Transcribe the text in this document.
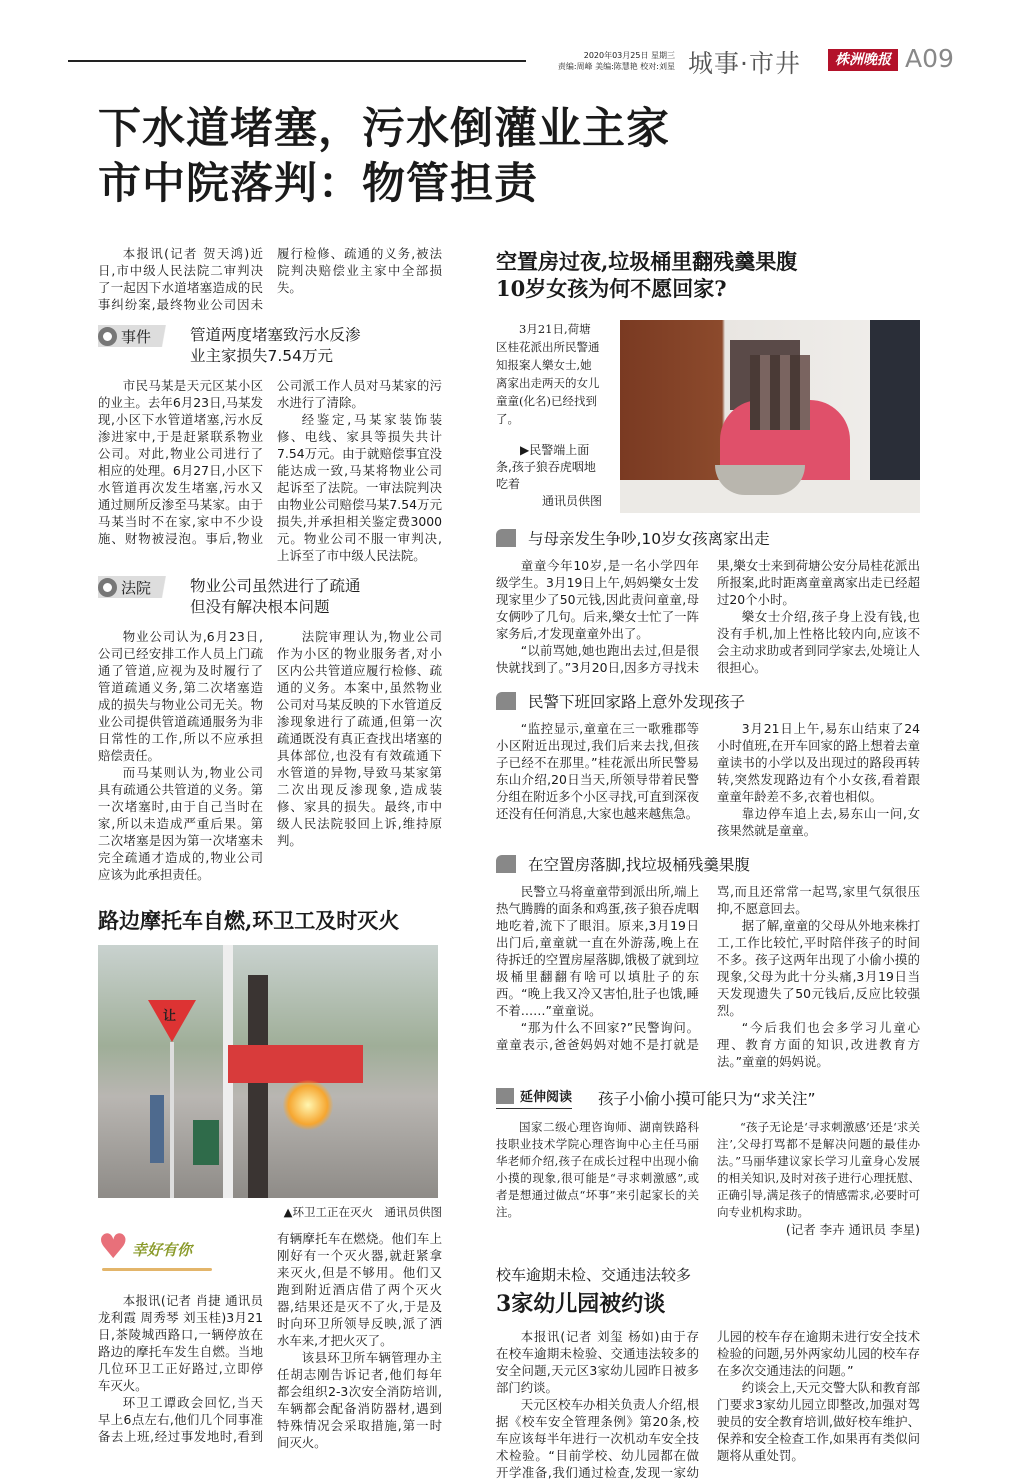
2020年03月25日 星期三
责编:周峰 美编:陈慧艳 校对:刘星 城事·市井	株洲晚报 A09
下水道堵塞，污水倒灌业主家
市中院落判：物管担责

本报讯(记者 贺天鸿)近日,市中级人民法院二审判决了一起因下水道堵塞造成的民事纠纷案,最终物业公司因未履行检修、疏通的义务,被法院判决赔偿业主家中全部损失。

事件	管道两度堵塞致污水反渗
业主家损失7.54万元

市民马某是天元区某小区的业主。去年6月23日,马某发现,小区下水管道堵塞,污水反渗进家中,于是赶紧联系物业公司。对此,物业公司进行了相应的处理。6月27日,小区下水管道再次发生堵塞,污水又通过厕所反渗至马某家。由于马某当时不在家,家中不少设施、财物被浸泡。事后,物业公司派工作人员对马某家的污水进行了清除。

经鉴定,马某家装饰装修、电线、家具等损失共计7.54万元。由于就赔偿事宜没能达成一致,马某将物业公司起诉至了法院。一审法院判决由物业公司赔偿马某7.54万元损失,并承担相关鉴定费3000元。物业公司不服一审判决,上诉至了市中级人民法院。

法院	物业公司虽然进行了疏通
但没有解决根本问题

物业公司认为,6月23日,公司已经安排工作人员上门疏通了管道,应视为及时履行了管道疏通义务,第二次堵塞造成的损失与物业公司无关。物业公司提供管道疏通服务为非日常性的工作,所以不应承担赔偿责任。

而马某则认为,物业公司具有疏通公共管道的义务。第一次堵塞时,由于自己当时在家,所以未造成严重后果。第二次堵塞是因为第一次堵塞未完全疏通才造成的,物业公司应该为此承担责任。

法院审理认为,物业公司作为小区的物业服务者,对小区内公共管道应履行检修、疏通的义务。本案中,虽然物业公司对马某反映的下水管道反渗现象进行了疏通,但第一次疏通既没有真正查找出堵塞的具体部位,也没有有效疏通下水管道的异物,导致马某家第二次出现反渗现象,造成装修、家具的损失。最终,市中级人民法院驳回上诉,维持原判。

路边摩托车自燃,环卫工及时灭火
让
▲环卫工正在灭火　通讯员供图
♥ 幸好有你

本报讯(记者 肖捷 通讯员 龙利霞 周秀琴 刘玉桂)3月21日,茶陵城西路口,一辆停放在路边的摩托车发生自燃。当地几位环卫工正好路过,立即停车灭火。

环卫工谭政会回忆,当天早上6点左右,他们几个同事准备去上班,经过事发地时,看到有辆摩托车在燃烧。他们车上刚好有一个灭火器,就赶紧拿来灭火,但是不够用。他们又跑到附近酒店借了两个灭火器,结果还是灭不了火,于是及时向环卫所领导反映,派了洒水车来,才把火灭了。

该县环卫所车辆管理办主任胡志刚告诉记者,他们每年都会组织2-3次安全消防培训,车辆都会配备消防器材,遇到特殊情况会采取措施,第一时间灭火。

空置房过夜,垃圾桶里翻残羹果腹
10岁女孩为何不愿回家?
3月21日,荷塘区桂花派出所民警通知报案人樂女士,她离家出走两天的女儿童童(化名)已经找到了。
▶民警端上面条,孩子狼吞虎咽地吃着
通讯员供图
与母亲发生争吵,10岁女孩离家出走

童童今年10岁,是一名小学四年级学生。3月19日上午,妈妈樂女士发现家里少了50元钱,因此责问童童,母女俩吵了几句。后来,樂女士忙了一阵家务后,才发现童童外出了。

“以前骂她,她也跑出去过,但是很快就找到了。”3月20日,因多方寻找未果,樂女士来到荷塘公安分局桂花派出所报案,此时距离童童离家出走已经超过20个小时。

樂女士介绍,孩子身上没有钱,也没有手机,加上性格比较内向,应该不会主动求助或者到同学家去,处境让人很担心。

民警下班回家路上意外发现孩子

“监控显示,童童在三一歌雅郡等小区附近出现过,我们后来去找,但孩子已经不在那里。”桂花派出所民警易东山介绍,20日当天,所领导带着民警分组在附近多个小区寻找,可直到深夜还没有任何消息,大家也越来越焦急。

3月21日上午,易东山结束了24小时值班,在开车回家的路上想着去童童读书的小学以及出现过的路段再转转,突然发现路边有个小女孩,看着跟童童年龄差不多,衣着也相似。

靠边停车追上去,易东山一问,女孩果然就是童童。

在空置房落脚,找垃圾桶残羹果腹

民警立马将童童带到派出所,端上热气腾腾的面条和鸡蛋,孩子狼吞虎咽地吃着,流下了眼泪。原来,3月19日出门后,童童就一直在外游荡,晚上在待拆迁的空置房屋落脚,饿极了就到垃圾桶里翻翻有啥可以填肚子的东西。“晚上我又冷又害怕,肚子也饿,睡不着……”童童说。

“那为什么不回家?”民警询问。童童表示,爸爸妈妈对她不是打就是骂,而且还常常一起骂,家里气氛很压抑,不愿意回去。

据了解,童童的父母从外地来株打工,工作比较忙,平时陪伴孩子的时间不多。孩子这两年出现了小偷小摸的现象,父母为此十分头痛,3月19日当天发现遗失了50元钱后,反应比较强烈。

“今后我们也会多学习儿童心理、教育方面的知识,改进教育方法。”童童的妈妈说。

延伸阅读 孩子小偷小摸可能只为“求关注”

国家二级心理咨询师、湖南铁路科技职业技术学院心理咨询中心主任马丽华老师介绍,孩子在成长过程中出现小偷小摸的现象,很可能是“寻求刺激感”,或者是想通过做点“坏事”来引起家长的关注。

“孩子无论是‘寻求刺激感’还是‘求关注’,父母打骂都不是解决问题的最佳办法。”马丽华建议家长学习儿童身心发展的相关知识,及时对孩子进行心理抚慰、正确引导,满足孩子的情感需求,必要时可向专业机构求助。

(记者 李卉 通讯员 李星)
校车逾期未检、交通违法较多
3家幼儿园被约谈

本报讯(记者 刘玺 杨如)由于存在校车逾期未检验、交通违法较多的安全问题,天元区3家幼儿园昨日被多部门约谈。

天元区校车办相关负责人介绍,根据《校车安全管理条例》第20条,校车应该每半年进行一次机动车安全技术检验。“目前学校、幼儿园都在做开学准备,我们通过检查,发现一家幼儿园的校车存在逾期未进行安全技术检验的问题,另外两家幼儿园的校车存在多次交通违法的问题。”

约谈会上,天元交警大队和教育部门要求3家幼儿园立即整改,加强对驾驶员的安全教育培训,做好校车维护、保养和安全检查工作,如果再有类似问题将从重处罚。
